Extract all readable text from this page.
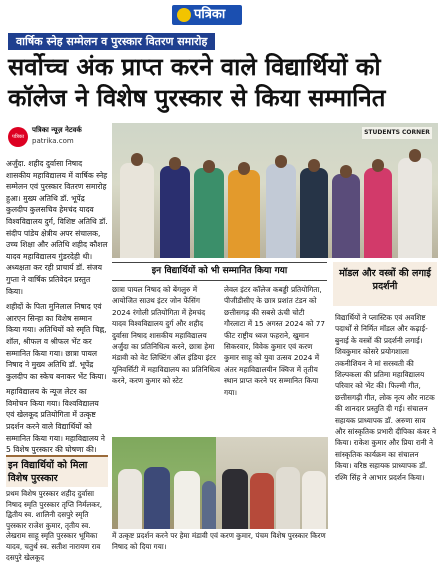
पत्रिका
वार्षिक स्नेह सम्मेलन व पुरस्कार वितरण समारोह
सर्वोच्च अंक प्राप्त करने वाले विद्यार्थियों को कॉलेज ने विशेष पुरस्कार से किया सम्मानित
पत्रिका
पत्रिका न्यूज़ नेटवर्क
patrika.com

अर्जुंदा. शहीद दुर्वासा निषाद शासकीय महाविद्यालय में वार्षिक स्नेह सम्मेलन एवं पुरस्कार वितरण समारोह हुआ। मुख्य अतिथि डॉ. भूपेंद्र कुलदीप कुलसचिव हेमचंद यादव विश्वविद्यालय दुर्ग, विशिष्ट अतिथि डॉ. संदीप पांडेय क्षेत्रीय अपर संचालक, उच्च शिक्षा और अतिथि शहीद कौशल यादव महाविद्यालय गुंडरदेही थी। अध्यक्षता कर रही प्राचार्य डॉ. संजय गुप्ता ने वार्षिक प्रतिवेदन प्रस्तुत किया।

शहीदों के पिता मुनिलाल निषाद एवं आरएन सिन्हा का विशेष सम्मान किया गया। अतिथियों को स्मृति चिह्न, शॉल, श्रीफल व श्रीफल भेंट कर सम्मानित किया गया। छात्रा पायल निषाद ने मुख्य अतिथि डॉ. भूपेंद्र कुलदीप का स्केच बनाकर भेंट किया।

महाविद्यालय के न्यूज लेटर का विमोचन किया गया। विश्वविद्यालय एवं खेलकूद प्रतियोगिता में उत्कृष्ट प्रदर्शन करने वाले विद्यार्थियों को सम्मानित किया गया। महाविद्यालय ने 5 विशेष पुरस्कार की घोषणा की।

इन विद्यार्थियों को मिला विशेष पुरस्कार
प्रथम विशेष पुरस्कार शहीद दुर्वासा निषाद स्मृति पुरस्कार तृप्ति निर्मलकर, द्वितीय स्व. शालिनी दसपुरे स्मृति पुरस्कार राजेश कुमार, तृतीय स्व. लेखराम साहू स्मृति पुरस्कार भूमिका यादव, चतुर्थ स्व. सतीश नारायण राव दसपुरे खेलकूद
STUDENTS CORNER
इन विद्यार्थियों को भी सम्मानित किया गया
छात्रा पायल निषाद को बेंगलुरु में आयोजित साउथ इंटर जोन फेंसिंग 2024 रंगोली प्रतियोगिता में हेमचंद यादव विश्वविद्यालय दुर्ग और शहीद दुर्वासा निषाद शासकीय महाविद्यालय अर्जुंदा का प्रतिनिधित्व करने, छात्रा हेमा मंडावी को वेट लिफ्टिंग ऑल इंडिया इंटर यूनिवर्सिटी में महाविद्यालय का प्रतिनिधित्व करने, करण कुमार को स्टेट
लेवल इंटर कॉलेज कबड्डी प्रतियोगिता, पीजीडीसीए के छात्र प्रशांत टंडन को छत्तीसगढ़ की सबसे ऊंची चोटी गौरलाटा में 15 अगस्त 2024 को 77 फीट राष्ट्रीय ध्वज फहराने, खुमान सिकरवार, विवेक कुमार एवं करण कुमार साहू को युवा उत्सव 2024 में अंतर महाविद्यालयीन क्विज में तृतीय स्थान प्राप्त करने पर सम्मानित किया गया।
मॉडल और वस्त्रों की लगाई प्रदर्शनी
विद्यार्थियों ने प्लास्टिक एवं अवशिष्ट पदार्थों से निर्मित मॉडल और कढ़ाई-बुनाई के वस्त्रों की प्रदर्शनी लगाई। शिवकुमार कोसरे प्रयोगशाला तकनीशियन ने मां सरस्वती की शिल्पकला की प्रतिमा महाविद्यालय परिवार को भेंट की। फिल्मी गीत, छत्तीसगढ़ी गीत, लोक नृत्य और नाटक की शानदार प्रस्तुति दी गई। संचालन सहायक प्राध्यापक डॉ. अरुणा साव और सांस्कृतिक प्रभारी दीपिका कंवर ने किया। राकेश कुमार और प्रिया रानी ने सांस्कृतिक कार्यक्रम का संचालन किया। वरिष्ठ सहायक प्राध्यापक डॉ. रश्मि सिंह ने आभार प्रदर्शन किया।
में उत्कृष्ट प्रदर्शन करने पर हेमा मंडावी एवं करण कुमार, पंचम विशेष पुरस्कार किरण निषाद को दिया गया।
